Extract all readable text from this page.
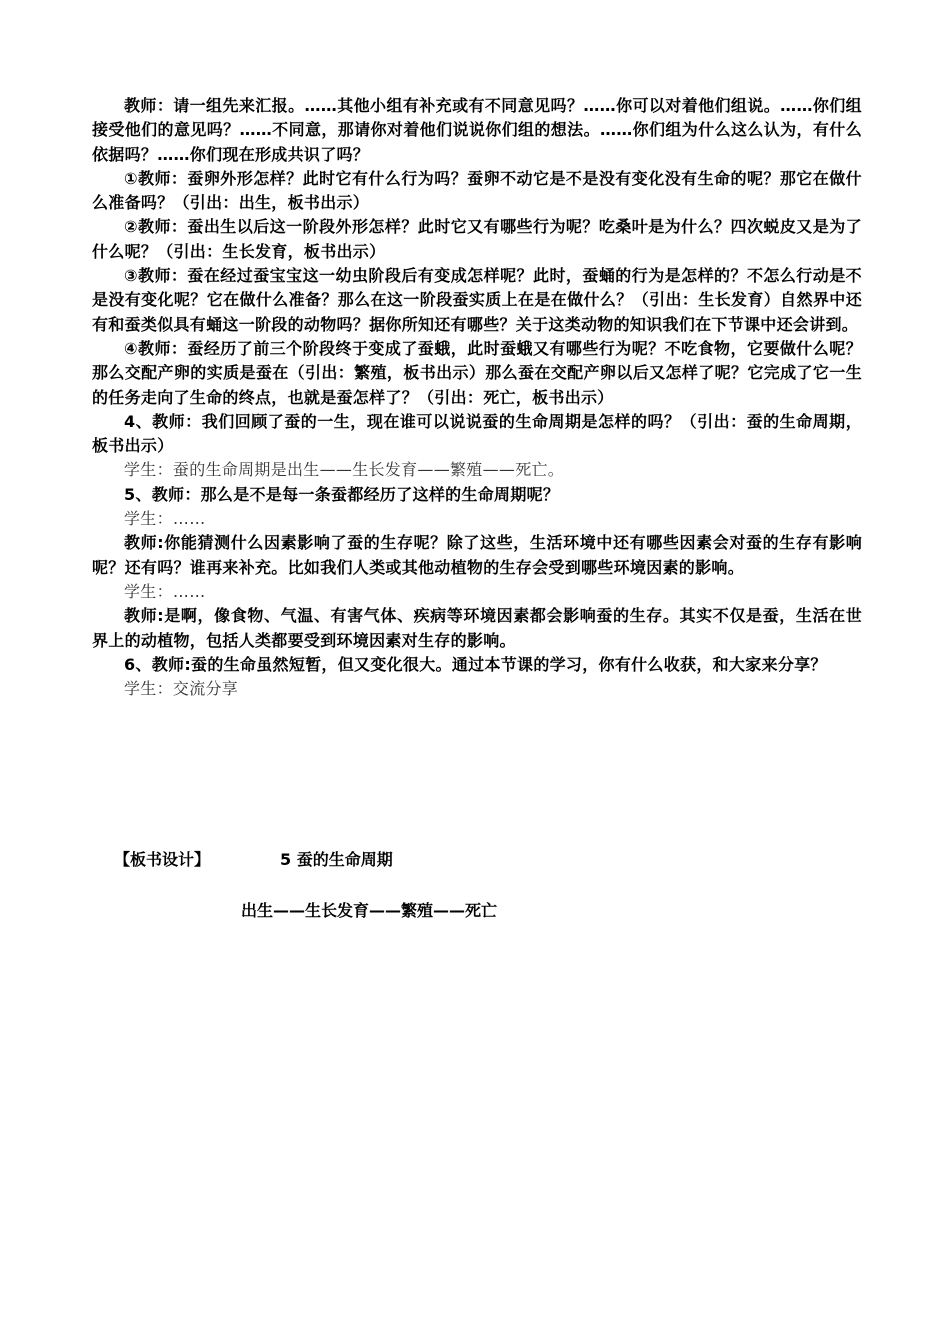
教师：请一组先来汇报。……其他小组有补充或有不同意见吗？……你可以对着他们组说。……你们组接受他们的意见吗？……不同意，那请你对着他们说说你们组的想法。……你们组为什么这么认为，有什么依据吗？……你们现在形成共识了吗？

①教师：蚕卵外形怎样？此时它有什么行为吗？蚕卵不动它是不是没有变化没有生命的呢？那它在做什么准备吗？（引出：出生，板书出示）

②教师：蚕出生以后这一阶段外形怎样？此时它又有哪些行为呢？吃桑叶是为什么？四次蜕皮又是为了什么呢？（引出：生长发育，板书出示）

③教师：蚕在经过蚕宝宝这一幼虫阶段后有变成怎样呢？此时，蚕蛹的行为是怎样的？不怎么行动是不是没有变化呢？它在做什么准备？那么在这一阶段蚕实质上在是在做什么？（引出：生长发育）自然界中还有和蚕类似具有蛹这一阶段的动物吗？据你所知还有哪些？关于这类动物的知识我们在下节课中还会讲到。

④教师：蚕经历了前三个阶段终于变成了蚕蛾，此时蚕蛾又有哪些行为呢？不吃食物，它要做什么呢？那么交配产卵的实质是蚕在（引出：繁殖，板书出示）那么蚕在交配产卵以后又怎样了呢？它完成了它一生的任务走向了生命的终点，也就是蚕怎样了？（引出：死亡，板书出示）

4、教师：我们回顾了蚕的一生，现在谁可以说说蚕的生命周期是怎样的吗？（引出：蚕的生命周期，板书出示）

学生：蚕的生命周期是出生——生长发育——繁殖——死亡。

5、教师：那么是不是每一条蚕都经历了这样的生命周期呢？

学生：……

教师:你能猜测什么因素影响了蚕的生存呢？除了这些，生活环境中还有哪些因素会对蚕的生存有影响呢？还有吗？谁再来补充。比如我们人类或其他动植物的生存会受到哪些环境因素的影响。

学生：……

教师:是啊，像食物、气温、有害气体、疾病等环境因素都会影响蚕的生存。其实不仅是蚕，生活在世界上的动植物，包括人类都要受到环境因素对生存的影响。

6、教师:蚕的生命虽然短暂，但又变化很大。通过本节课的学习，你有什么收获，和大家来分享？

学生：交流分享

【板书设计】	5 蚕的生命周期
出生——生长发育——繁殖——死亡
